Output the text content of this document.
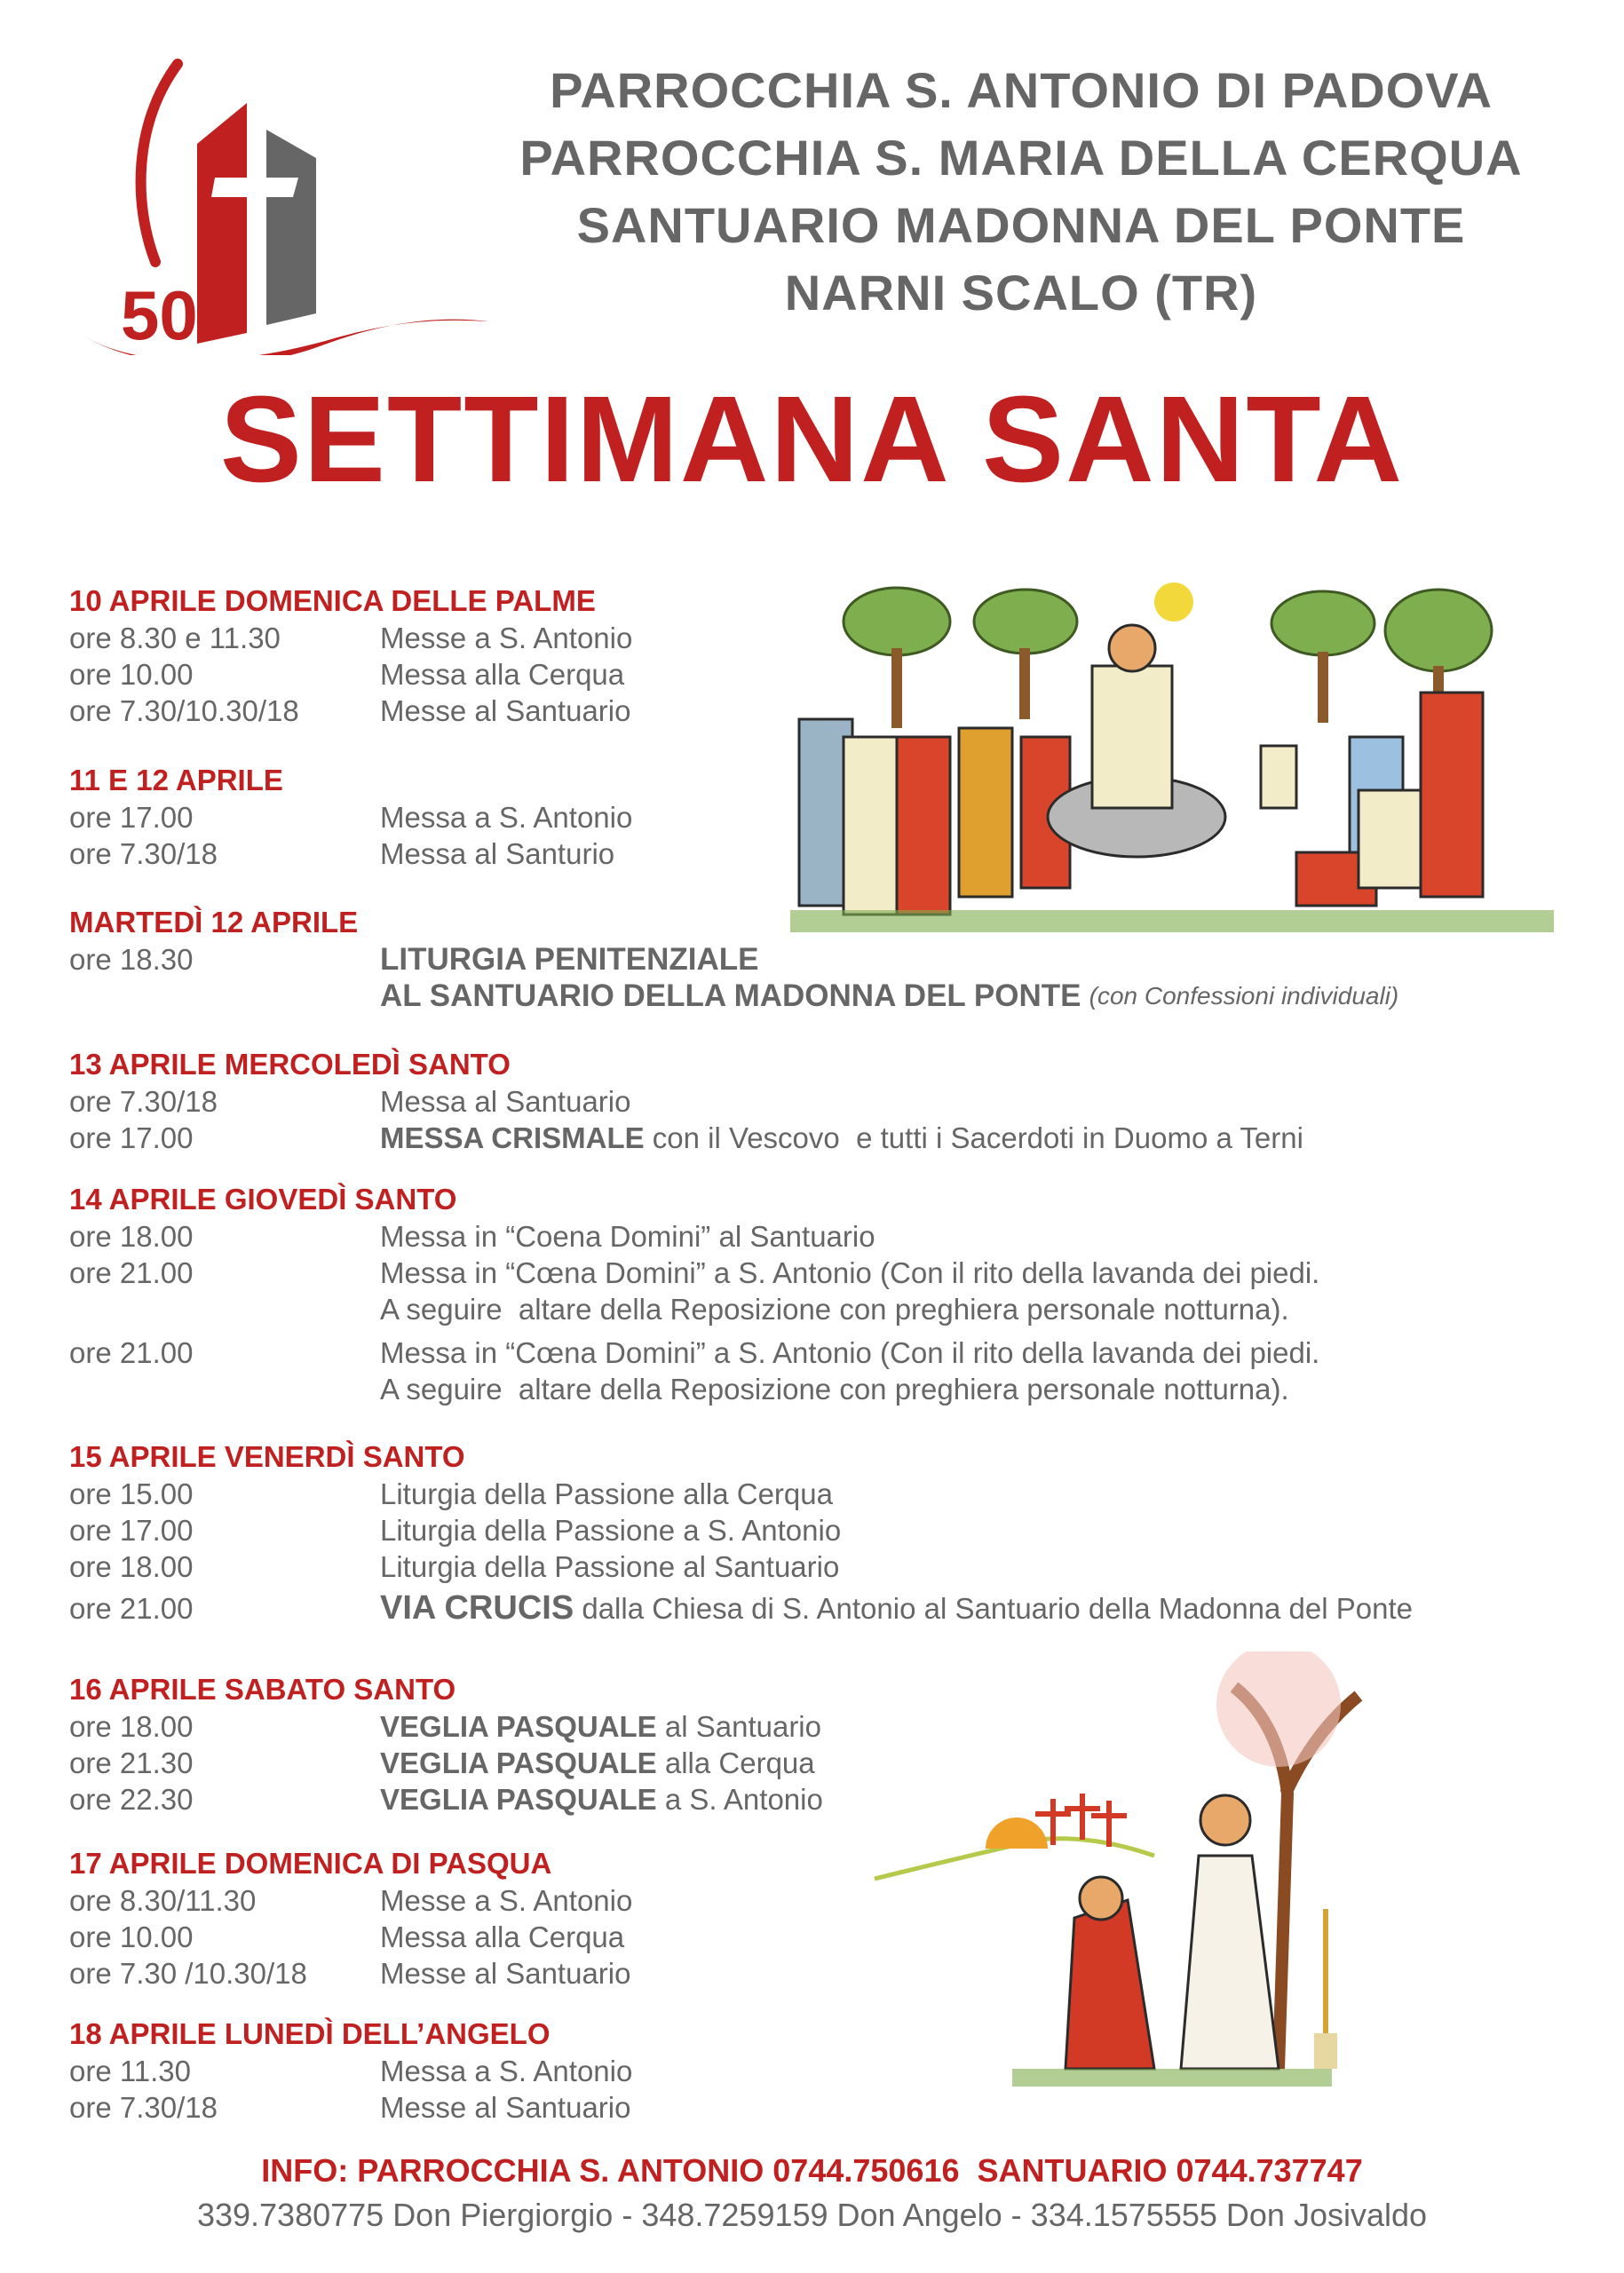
50°
PARROCCHIA S. ANTONIO DI PADOVA
PARROCCHIA S. MARIA DELLA CERQUA
SANTUARIO MADONNA DEL PONTE
NARNI SCALO (TR)
SETTIMANA SANTA
10 APRILE DOMENICA DELLE PALME
ore 8.30 e 11.30	Messe a S. Antonio
ore 10.00	Messa alla Cerqua
ore 7.30/10.30/18	Messe al Santuario
11 E 12 APRILE
ore 17.00	Messa a S. Antonio
ore 7.30/18	Messa al Santurio
MARTEDÌ 12 APRILE
ore 18.30	LITURGIA PENITENZIALE
AL SANTUARIO DELLA MADONNA DEL PONTE
(con Confessioni individuali)
13 APRILE MERCOLEDÌ SANTO
ore 7.30/18	Messa al Santuario
ore 17.00	MESSA CRISMALE con il Vescovo  e tutti i Sacerdoti in Duomo a Terni
14 APRILE GIOVEDÌ SANTO
ore 18.00	Messa in “Coena Domini” al Santuario
ore 21.00	Messa in “Cœna Domini” a S. Antonio (Con il rito della lavanda dei piedi.
A seguire  altare della Reposizione con preghiera personale notturna).
ore 21.00	Messa in “Cœna Domini” a S. Antonio (Con il rito della lavanda dei piedi.
A seguire  altare della Reposizione con preghiera personale notturna).
15 APRILE VENERDÌ SANTO
ore 15.00	Liturgia della Passione alla Cerqua
ore 17.00	Liturgia della Passione a S. Antonio
ore 18.00	Liturgia della Passione al Santuario
ore 21.00	VIA CRUCIS dalla Chiesa di S. Antonio al Santuario della Madonna del Ponte
16 APRILE SABATO SANTO
ore 18.00	VEGLIA PASQUALE al Santuario
ore 21.30	VEGLIA PASQUALE alla Cerqua
ore 22.30	VEGLIA PASQUALE a S. Antonio
17 APRILE DOMENICA DI PASQUA
ore 8.30/11.30	Messe a S. Antonio
ore 10.00	Messa alla Cerqua
ore 7.30 /10.30/18	Messe al Santuario
18 APRILE LUNEDÌ DELL’ANGELO
ore 11.30	Messa a S. Antonio
ore 7.30/18	Messe al Santuario
INFO: PARROCCHIA S. ANTONIO 0744.750616  SANTUARIO 0744.737747
339.7380775 Don Piergiorgio - 348.7259159 Don Angelo - 334.1575555 Don Josivaldo
